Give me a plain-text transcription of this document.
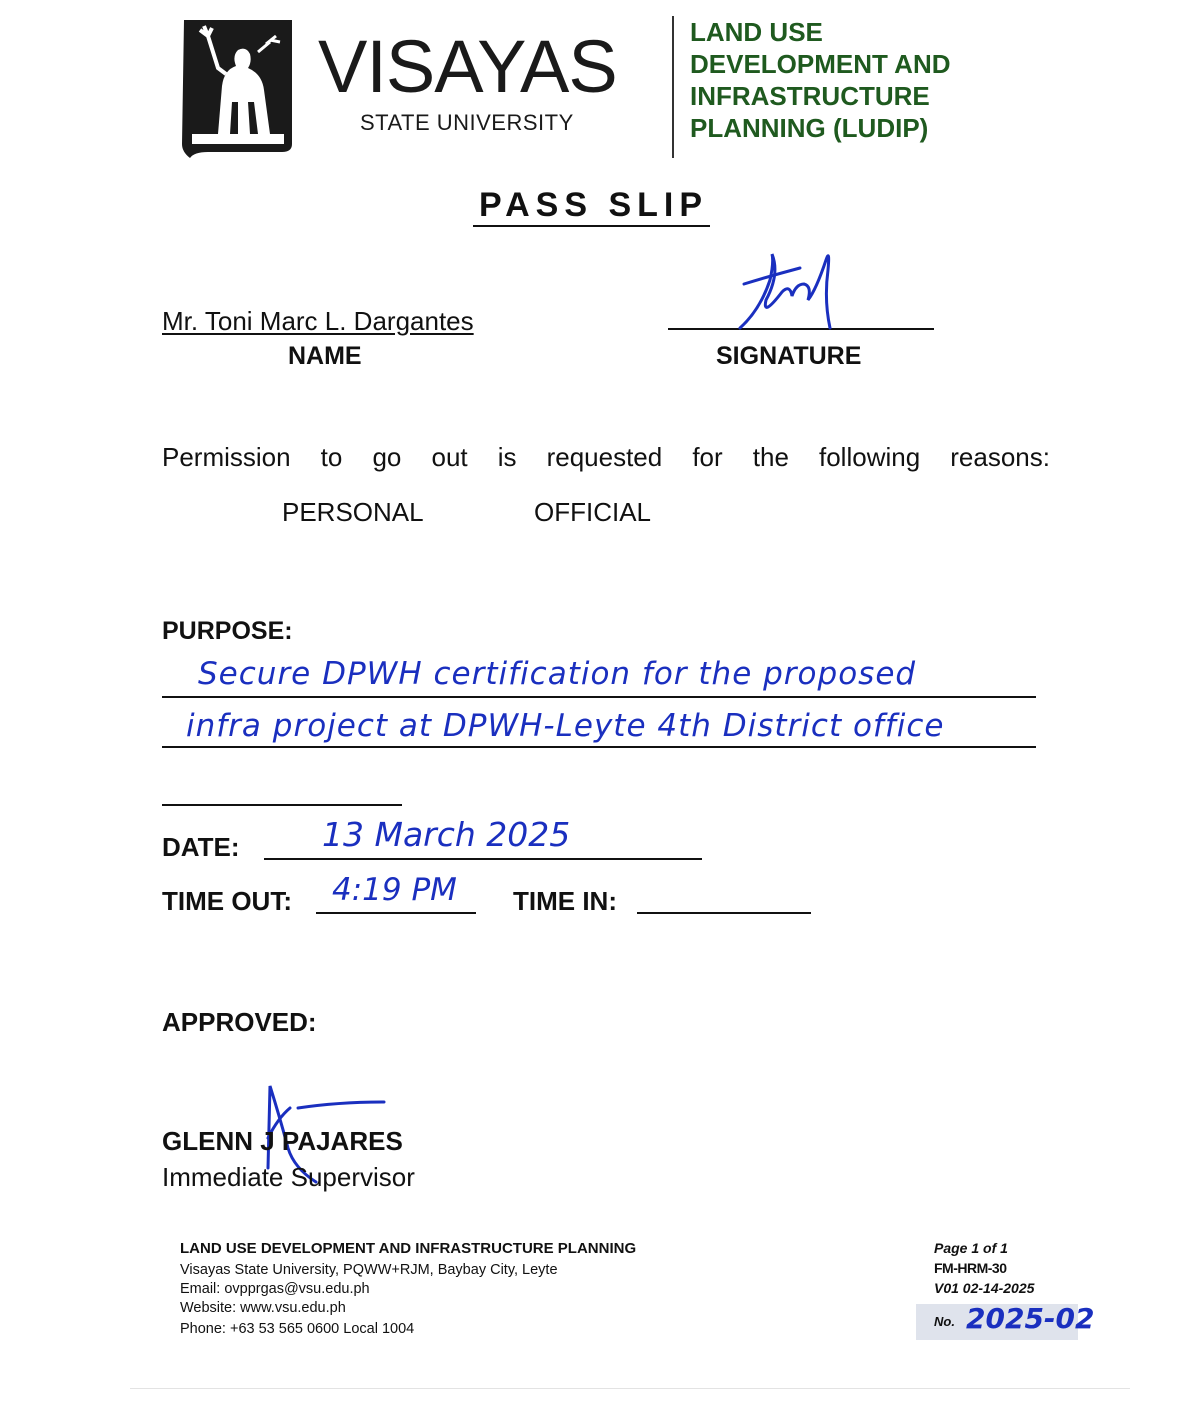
VISAYAS
STATE UNIVERSITY
LAND USE
DEVELOPMENT AND
INFRASTRUCTURE
PLANNING (LUDIP)
PASS SLIP
Mr. Toni Marc L. Dargantes
NAME	SIGNATURE
Permission to go out is requested for the following reasons:
PERSONAL	OFFICIAL
PURPOSE:
Secure DPWH certification for the proposed
infra project at DPWH-Leyte 4th District office
DATE: 13 March 2025
TIME OUT: 4:19 PM TIME IN:
APPROVED:
GLENN J PAJARES
Immediate Supervisor
LAND USE DEVELOPMENT AND INFRASTRUCTURE PLANNING
Visayas State University, PQWW+RJM, Baybay City, Leyte
Email: ovpprgas@vsu.edu.ph
Website: www.vsu.edu.ph
Phone: +63 53 565 0600 Local 1004
Page 1 of 1
FM-HRM-30
V01 02-14-2025
No. 2025-02
